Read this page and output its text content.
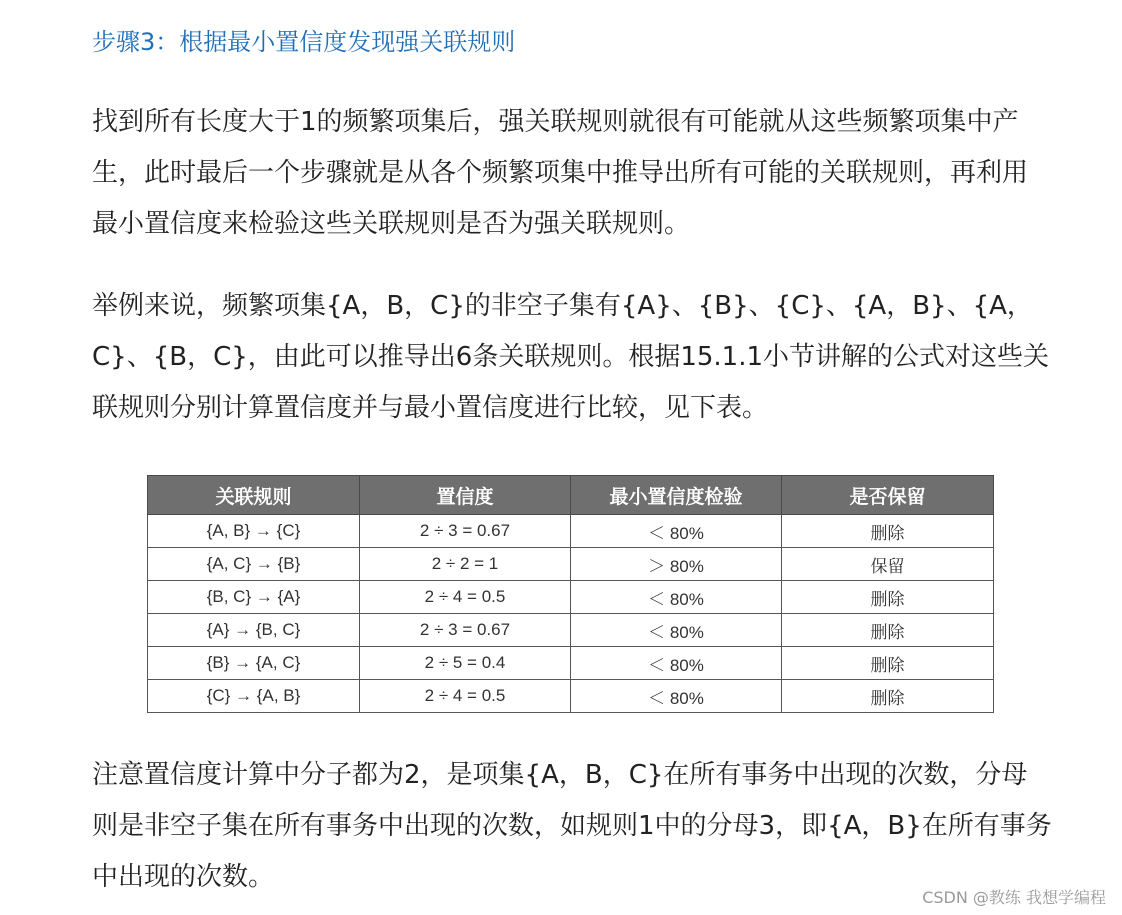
步骤3：根据最小置信度发现强关联规则

找到所有长度大于1的频繁项集后，强关联规则就很有可能就从这些频繁项集中产生，此时最后一个步骤就是从各个频繁项集中推导出所有可能的关联规则，再利用最小置信度来检验这些关联规则是否为强关联规则。

举例来说，频繁项集{A，B，C}的非空子集有{A}、{B}、{C}、{A，B}、{A，C}、{B，C}，由此可以推导出6条关联规则。根据15.1.1小节讲解的公式对这些关联规则分别计算置信度并与最小置信度进行比较，见下表。

关联规则	置信度	最小置信度检验	是否保留
{A, B} → {C}	2 ÷ 3 = 0.67	＜ 80%	删除
{A, C} → {B}	2 ÷ 2 = 1	＞ 80%	保留
{B, C} → {A}	2 ÷ 4 = 0.5	＜ 80%	删除
{A} → {B, C}	2 ÷ 3 = 0.67	＜ 80%	删除
{B} → {A, C}	2 ÷ 5 = 0.4	＜ 80%	删除
{C} → {A, B}	2 ÷ 4 = 0.5	＜ 80%	删除

注意置信度计算中分子都为2，是项集{A，B，C}在所有事务中出现的次数，分母则是非空子集在所有事务中出现的次数，如规则1中的分母3，即{A，B}在所有事务中出现的次数。

CSDN @教练 我想学编程
